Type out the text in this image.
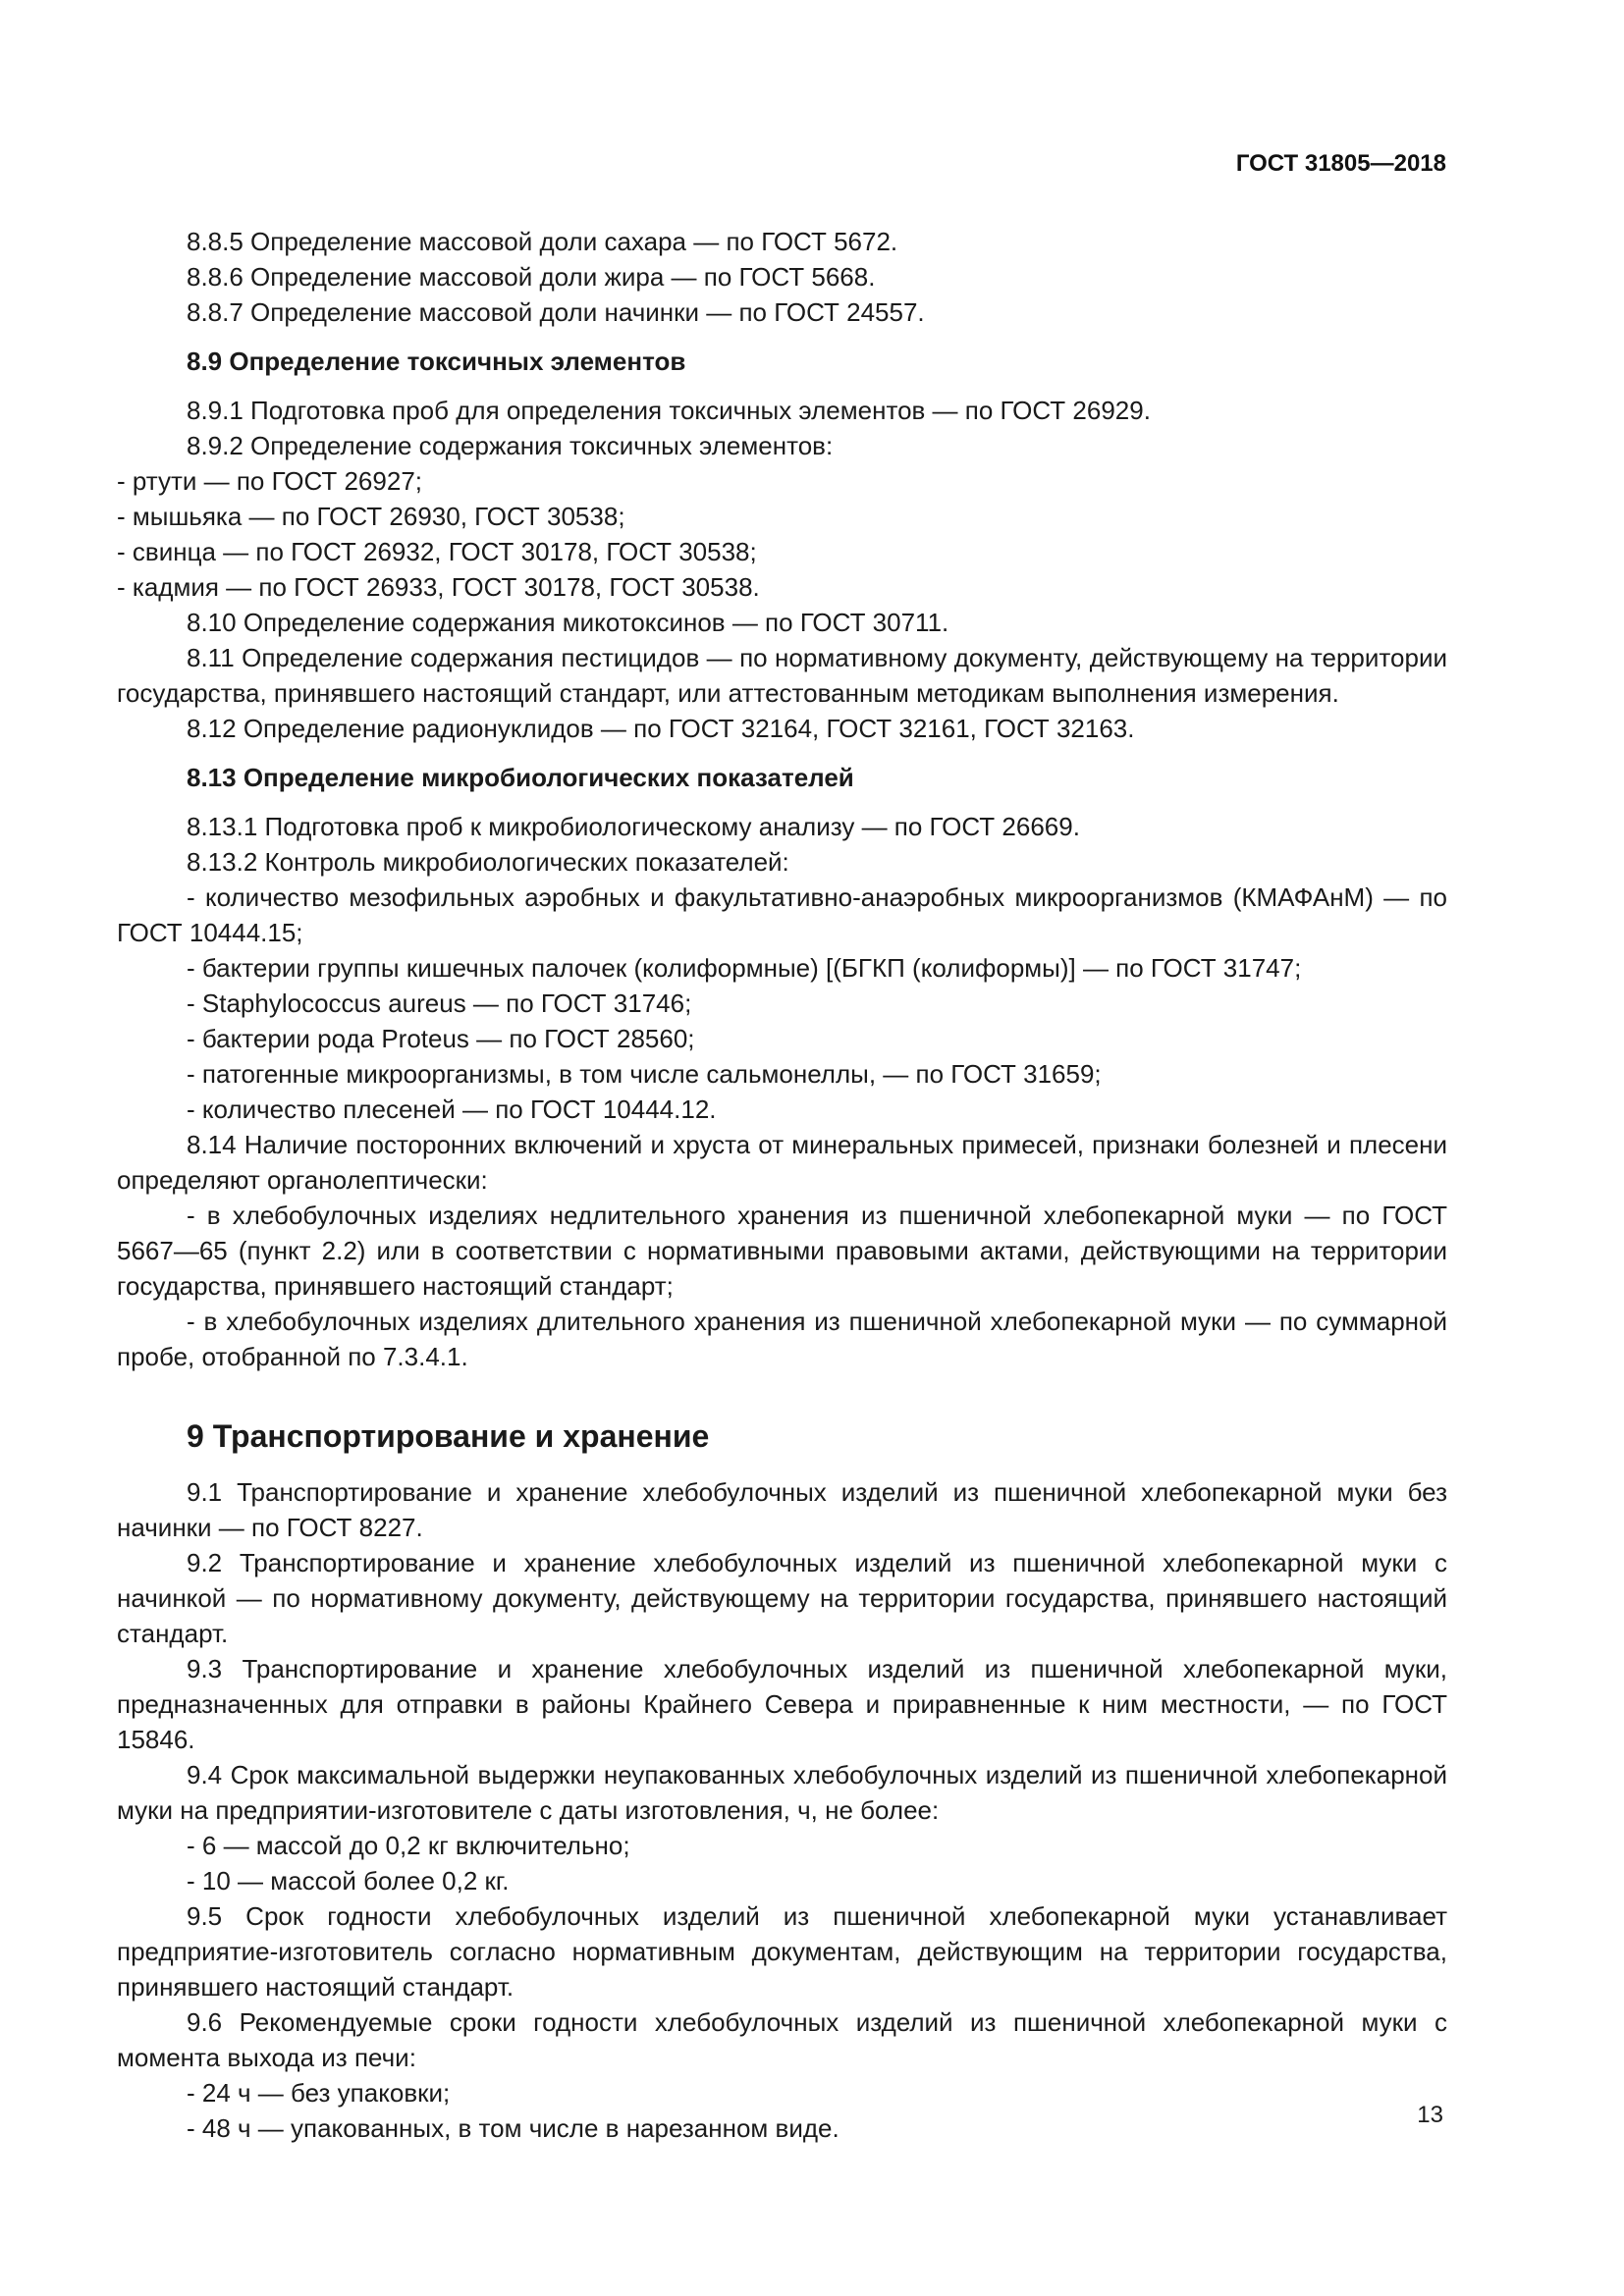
ГОСТ 31805—2018

8.8.5 Определение массовой доли сахара — по ГОСТ 5672.

8.8.6 Определение массовой доли жира — по ГОСТ 5668.

8.8.7 Определение массовой доли начинки — по ГОСТ 24557.

8.9 Определение токсичных элементов

8.9.1 Подготовка проб для определения токсичных элементов — по ГОСТ 26929.

8.9.2 Определение содержания токсичных элементов:

- ртути — по ГОСТ 26927;

- мышьяка — по ГОСТ 26930, ГОСТ 30538;

- свинца — по ГОСТ 26932, ГОСТ 30178, ГОСТ 30538;

- кадмия — по ГОСТ 26933, ГОСТ 30178, ГОСТ 30538.

8.10 Определение содержания микотоксинов — по ГОСТ 30711.

8.11 Определение содержания пестицидов — по нормативному документу, действующему на территории государства, принявшего настоящий стандарт, или аттестованным методикам выполнения измерения.

8.12 Определение радионуклидов — по ГОСТ 32164, ГОСТ 32161, ГОСТ 32163.

8.13 Определение микробиологических показателей

8.13.1 Подготовка проб к микробиологическому анализу — по ГОСТ 26669.

8.13.2 Контроль микробиологических показателей:

- количество мезофильных аэробных и факультативно-анаэробных микроорганизмов (КМАФАнМ) — по ГОСТ 10444.15;

- бактерии группы кишечных палочек (колиформные) [(БГКП (колиформы)] — по ГОСТ 31747;

- Staphylococcus aureus — по ГОСТ 31746;

- бактерии рода Proteus — по ГОСТ 28560;

- патогенные микроорганизмы, в том числе сальмонеллы, — по ГОСТ 31659;

- количество плесеней — по ГОСТ 10444.12.

8.14 Наличие посторонних включений и хруста от минеральных примесей, признаки болезней и плесени определяют органолептически:

- в хлебобулочных изделиях недлительного хранения из пшеничной хлебопекарной муки — по ГОСТ 5667—65 (пункт 2.2) или в соответствии с нормативными правовыми актами, действующими на территории государства, принявшего настоящий стандарт;

- в хлебобулочных изделиях длительного хранения из пшеничной хлебопекарной муки — по суммарной пробе, отобранной по 7.3.4.1.

9 Транспортирование и хранение

9.1 Транспортирование и хранение хлебобулочных изделий из пшеничной хлебопекарной муки без начинки — по ГОСТ 8227.

9.2 Транспортирование и хранение хлебобулочных изделий из пшеничной хлебопекарной муки с начинкой — по нормативному документу, действующему на территории государства, принявшего настоящий стандарт.

9.3 Транспортирование и хранение хлебобулочных изделий из пшеничной хлебопекарной муки, предназначенных для отправки в районы Крайнего Севера и приравненные к ним местности, — по ГОСТ 15846.

9.4 Срок максимальной выдержки неупакованных хлебобулочных изделий из пшеничной хлебопекарной муки на предприятии-изготовителе с даты изготовления, ч, не более:

- 6 — массой до 0,2 кг включительно;

- 10 — массой более 0,2 кг.

9.5 Срок годности хлебобулочных изделий из пшеничной хлебопекарной муки устанавливает предприятие-изготовитель согласно нормативным документам, действующим на территории государства, принявшего настоящий стандарт.

9.6 Рекомендуемые сроки годности хлебобулочных изделий из пшеничной хлебопекарной муки с момента выхода из печи:

- 24 ч — без упаковки;

- 48 ч — упакованных, в том числе в нарезанном виде.	13
